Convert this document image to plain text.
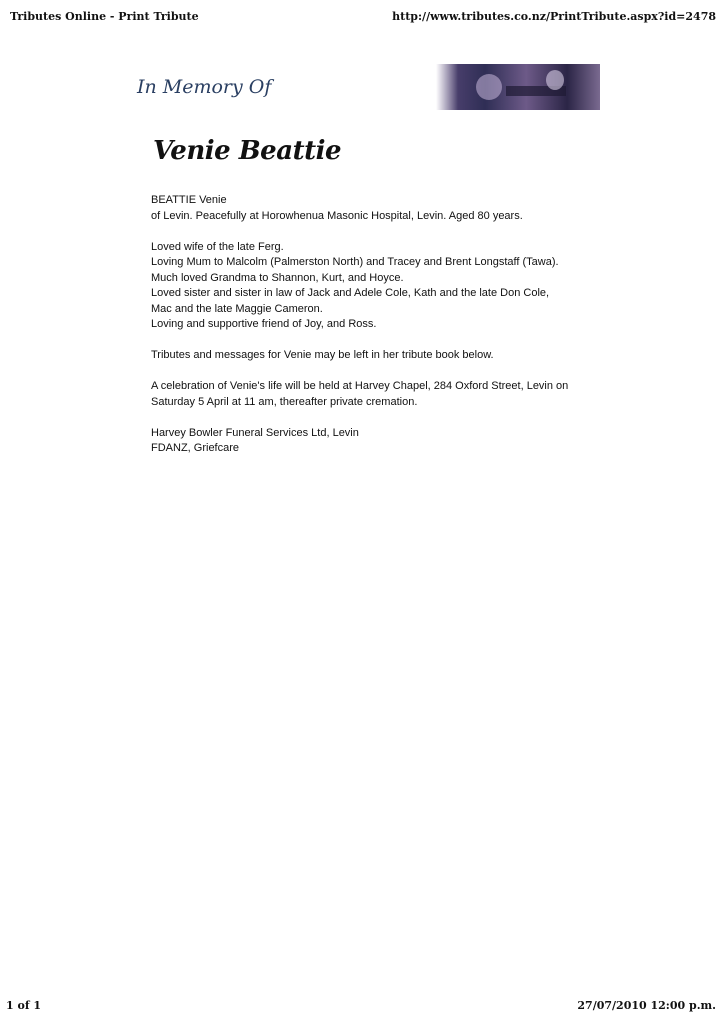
Tributes Online - Print Tribute	http://www.tributes.co.nz/PrintTribute.aspx?id=2478
In Memory Of
Venie Beattie

BEATTIE Venie
of Levin. Peacefully at Horowhenua Masonic Hospital, Levin. Aged 80 years.

Loved wife of the late Ferg.
Loving Mum to Malcolm (Palmerston North) and Tracey and Brent Longstaff (Tawa).
Much loved Grandma to Shannon, Kurt, and Hoyce.
Loved sister and sister in law of Jack and Adele Cole, Kath and the late Don Cole, Mac and the late Maggie Cameron.
Loving and supportive friend of Joy, and Ross.

Tributes and messages for Venie may be left in her tribute book below.

A celebration of Venie's life will be held at Harvey Chapel, 284 Oxford Street, Levin on Saturday 5 April at 11 am, thereafter private cremation.

Harvey Bowler Funeral Services Ltd, Levin
FDANZ, Griefcare

1 of 1	27/07/2010 12:00 p.m.
